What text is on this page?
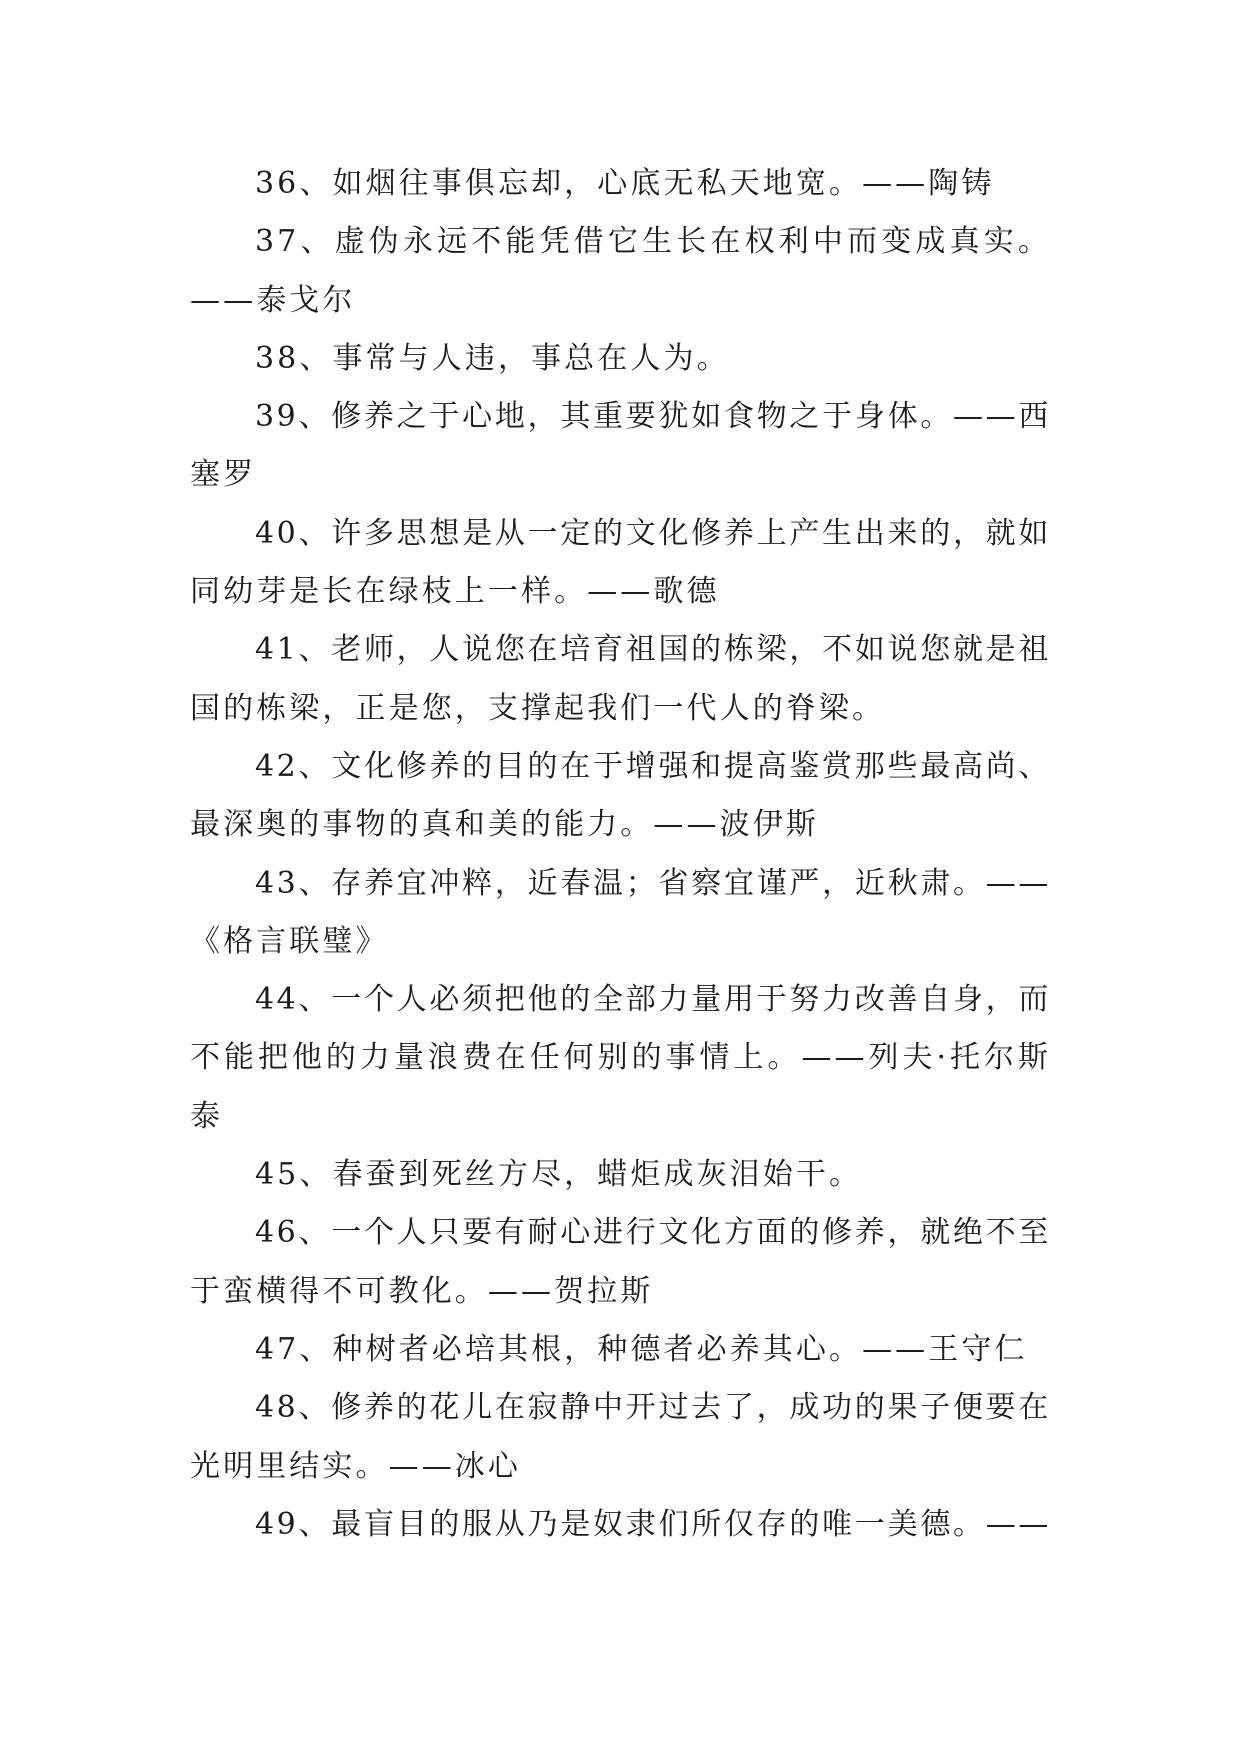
36、如烟往事俱忘却，心底无私天地宽。——陶铸
37、虚伪永远不能凭借它生长在权利中而变成真实。
——泰戈尔
38、事常与人违，事总在人为。
39、修养之于心地，其重要犹如食物之于身体。——西
塞罗
40、许多思想是从一定的文化修养上产生出来的，就如
同幼芽是长在绿枝上一样。——歌德
41、老师，人说您在培育祖国的栋梁，不如说您就是祖
国的栋梁，正是您，支撑起我们一代人的脊梁。
42、文化修养的目的在于增强和提高鉴赏那些最高尚、
最深奥的事物的真和美的能力。——波伊斯
43、存养宜冲粹，近春温；省察宜谨严，近秋肃。——
《格言联璧》
44、一个人必须把他的全部力量用于努力改善自身，而
不能把他的力量浪费在任何别的事情上。——列夫·托尔斯
泰
45、春蚕到死丝方尽，蜡炬成灰泪始干。
46、一个人只要有耐心进行文化方面的修养，就绝不至
于蛮横得不可教化。——贺拉斯
47、种树者必培其根，种德者必养其心。——王守仁
48、修养的花儿在寂静中开过去了，成功的果子便要在
光明里结实。——冰心
49、最盲目的服从乃是奴隶们所仅存的唯一美德。——
